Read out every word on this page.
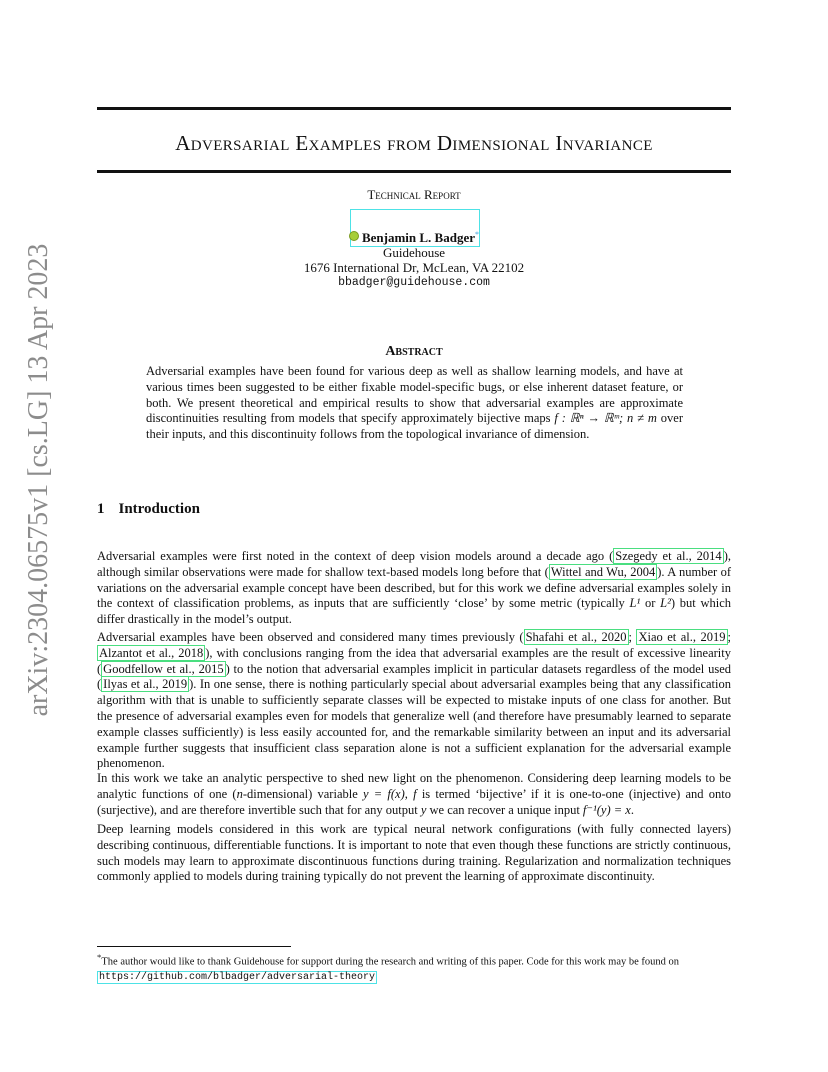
Adversarial Examples from Dimensional Invariance
Technical Report
Benjamin L. Badger*
Guidehouse
1676 International Dr, McLean, VA 22102
bbadger@guidehouse.com
Abstract

Adversarial examples have been found for various deep as well as shallow learning models, and have at various times been suggested to be either fixable model-specific bugs, or else inherent dataset feature, or both. We present theoretical and empirical results to show that adversarial examples are approximate discontinuities resulting from models that specify approximately bijective maps f : ℝⁿ → ℝᵐ; n ≠ m over their inputs, and this discontinuity follows from the topological invariance of dimension.

1 Introduction

Adversarial examples were first noted in the context of deep vision models around a decade ago ( Szegedy et al., 2014 ), although similar observations were made for shallow text-based models long before that ( Wittel and Wu, 2004 ). A number of variations on the adversarial example concept have been described, but for this work we define adversarial examples solely in the context of classification problems, as inputs that are sufficiently ‘close’ by some metric (typically L¹ or L²) but which differ drastically in the model’s output.

Adversarial examples have been observed and considered many times previously ( Shafahi et al., 2020 ; Xiao et al., 2019 ; Alzantot et al., 2018 ), with conclusions ranging from the idea that adversarial examples are the result of excessive linearity ( Goodfellow et al., 2015 ) to the notion that adversarial examples implicit in particular datasets regardless of the model used ( Ilyas et al., 2019 ). In one sense, there is nothing particularly special about adversarial examples being that any classification algorithm with that is unable to sufficiently separate classes will be expected to mistake inputs of one class for another. But the presence of adversarial examples even for models that generalize well (and therefore have presumably learned to separate example classes sufficiently) is less easily accounted for, and the remarkable similarity between an input and its adversarial example further suggests that insufficient class separation alone is not a sufficient explanation for the adversarial example phenomenon.

In this work we take an analytic perspective to shed new light on the phenomenon. Considering deep learning models to be analytic functions of one (n-dimensional) variable y = f(x), f is termed ‘bijective’ if it is one-to-one (injective) and onto (surjective), and are therefore invertible such that for any output y we can recover a unique input f⁻¹(y) = x.

Deep learning models considered in this work are typical neural network configurations (with fully connected layers) describing continuous, differentiable functions. It is important to note that even though these functions are strictly continuous, such models may learn to approximate discontinuous functions during training. Regularization and normalization techniques commonly applied to models during training typically do not prevent the learning of approximate discontinuity.

*The author would like to thank Guidehouse for support during the research and writing of this paper. Code for this work may be found on https://github.com/blbadger/adversarial-theory

arXiv:2304.06575v1 [cs.LG] 13 Apr 2023
